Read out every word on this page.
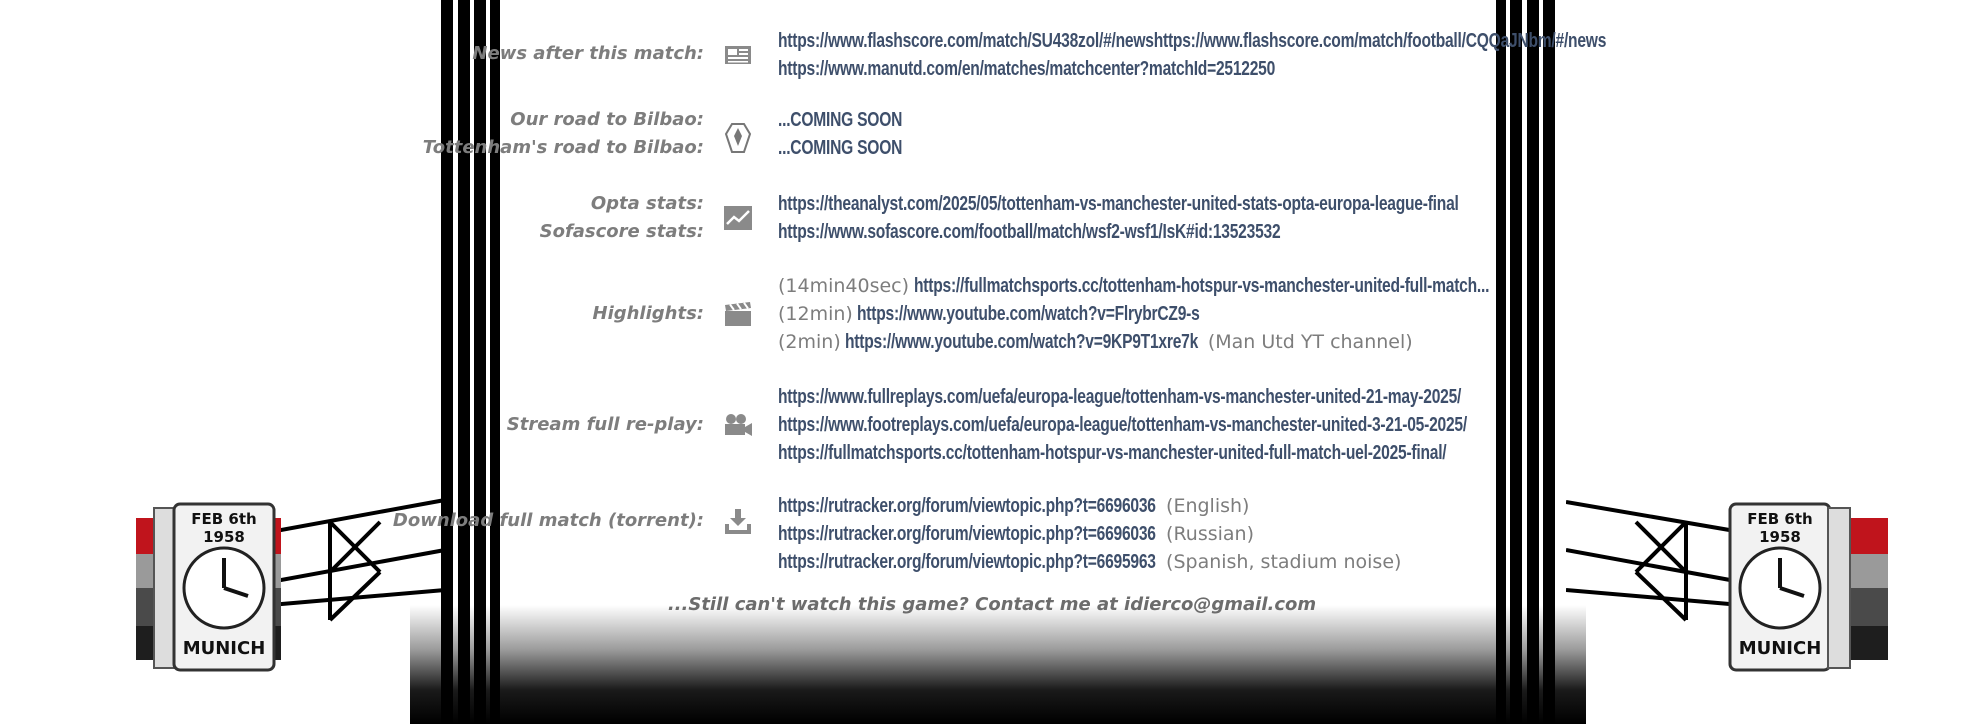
News after this match:
https://www.flashscore.com/match/SU438zol/#/newshttps://www.flashscore.com/match/football/CQQaJNbm/#/news
https://www.manutd.com/en/matches/matchcenter?matchId=2512250
Our road to Bilbao:
Tottenham's road to Bilbao:
...COMING SOON
...COMING SOON
Opta stats:
Sofascore stats:
https://theanalyst.com/2025/05/tottenham-vs-manchester-united-stats-opta-europa-league-final
https://www.sofascore.com/football/match/wsf2-wsf1/IsK#id:13523532
Highlights:
(14min40sec) https://fullmatchsports.cc/tottenham-hotspur-vs-manchester-united-full-match...
(12min) https://www.youtube.com/watch?v=FlrybrCZ9-s
(2min) https://www.youtube.com/watch?v=9KP9T1xre7k (Man Utd YT channel)
Stream full re-play:
https://www.fullreplays.com/uefa/europa-league/tottenham-vs-manchester-united-21-may-2025/
https://www.footreplays.com/uefa/europa-league/tottenham-vs-manchester-united-3-21-05-2025/
https://fullmatchsports.cc/tottenham-hotspur-vs-manchester-united-full-match-uel-2025-final/
Download full match (torrent):
https://rutracker.org/forum/viewtopic.php?t=6696036 (English)
https://rutracker.org/forum/viewtopic.php?t=6696036 (Russian)
https://rutracker.org/forum/viewtopic.php?t=6695963 (Spanish, stadium noise)
...Still can't watch this game? Contact me at idierco@gmail.com
FEB 6th 1958
MUNICH
FEB 6th 1958
MUNICH
